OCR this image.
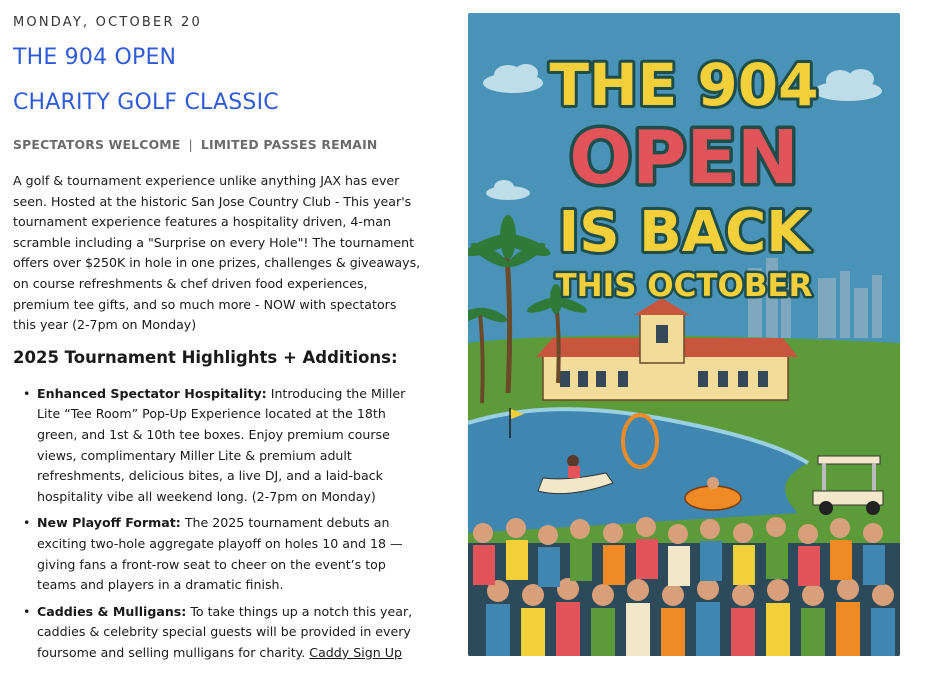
MONDAY, OCTOBER 20
THE 904 OPEN
CHARITY GOLF CLASSIC
SPECTATORS WELCOME | LIMITED PASSES REMAIN

A golf & tournament experience unlike anything JAX has ever seen. Hosted at the historic San Jose Country Club - This year's tournament experience features a hospitality driven, 4-man scramble including a "Surprise on every Hole"! The tournament offers over $250K in hole in one prizes, challenges & giveaways, on course refreshments & chef driven food experiences, premium tee gifts, and so much more - NOW with spectators this year (2-7pm on Monday)

2025 Tournament Highlights + Additions:
• Enhanced Spectator Hospitality: Introducing the Miller Lite “Tee Room” Pop-Up Experience located at the 18th green, and 1st & 10th tee boxes. Enjoy premium course views, complimentary Miller Lite & premium adult refreshments, delicious bites, a live DJ, and a laid-back hospitality vibe all weekend long. (2-7pm on Monday)
• New Playoff Format: The 2025 tournament debuts an exciting two-hole aggregate playoff on holes 10 and 18 — giving fans a front-row seat to cheer on the event’s top teams and players in a dramatic finish.
• Caddies & Mulligans: To take things up a notch this year, caddies & celebrity special guests will be provided in every foursome and selling mulligans for charity. Caddy Sign Up
THE 904
OPEN
IS BACK
THIS OCTOBER
